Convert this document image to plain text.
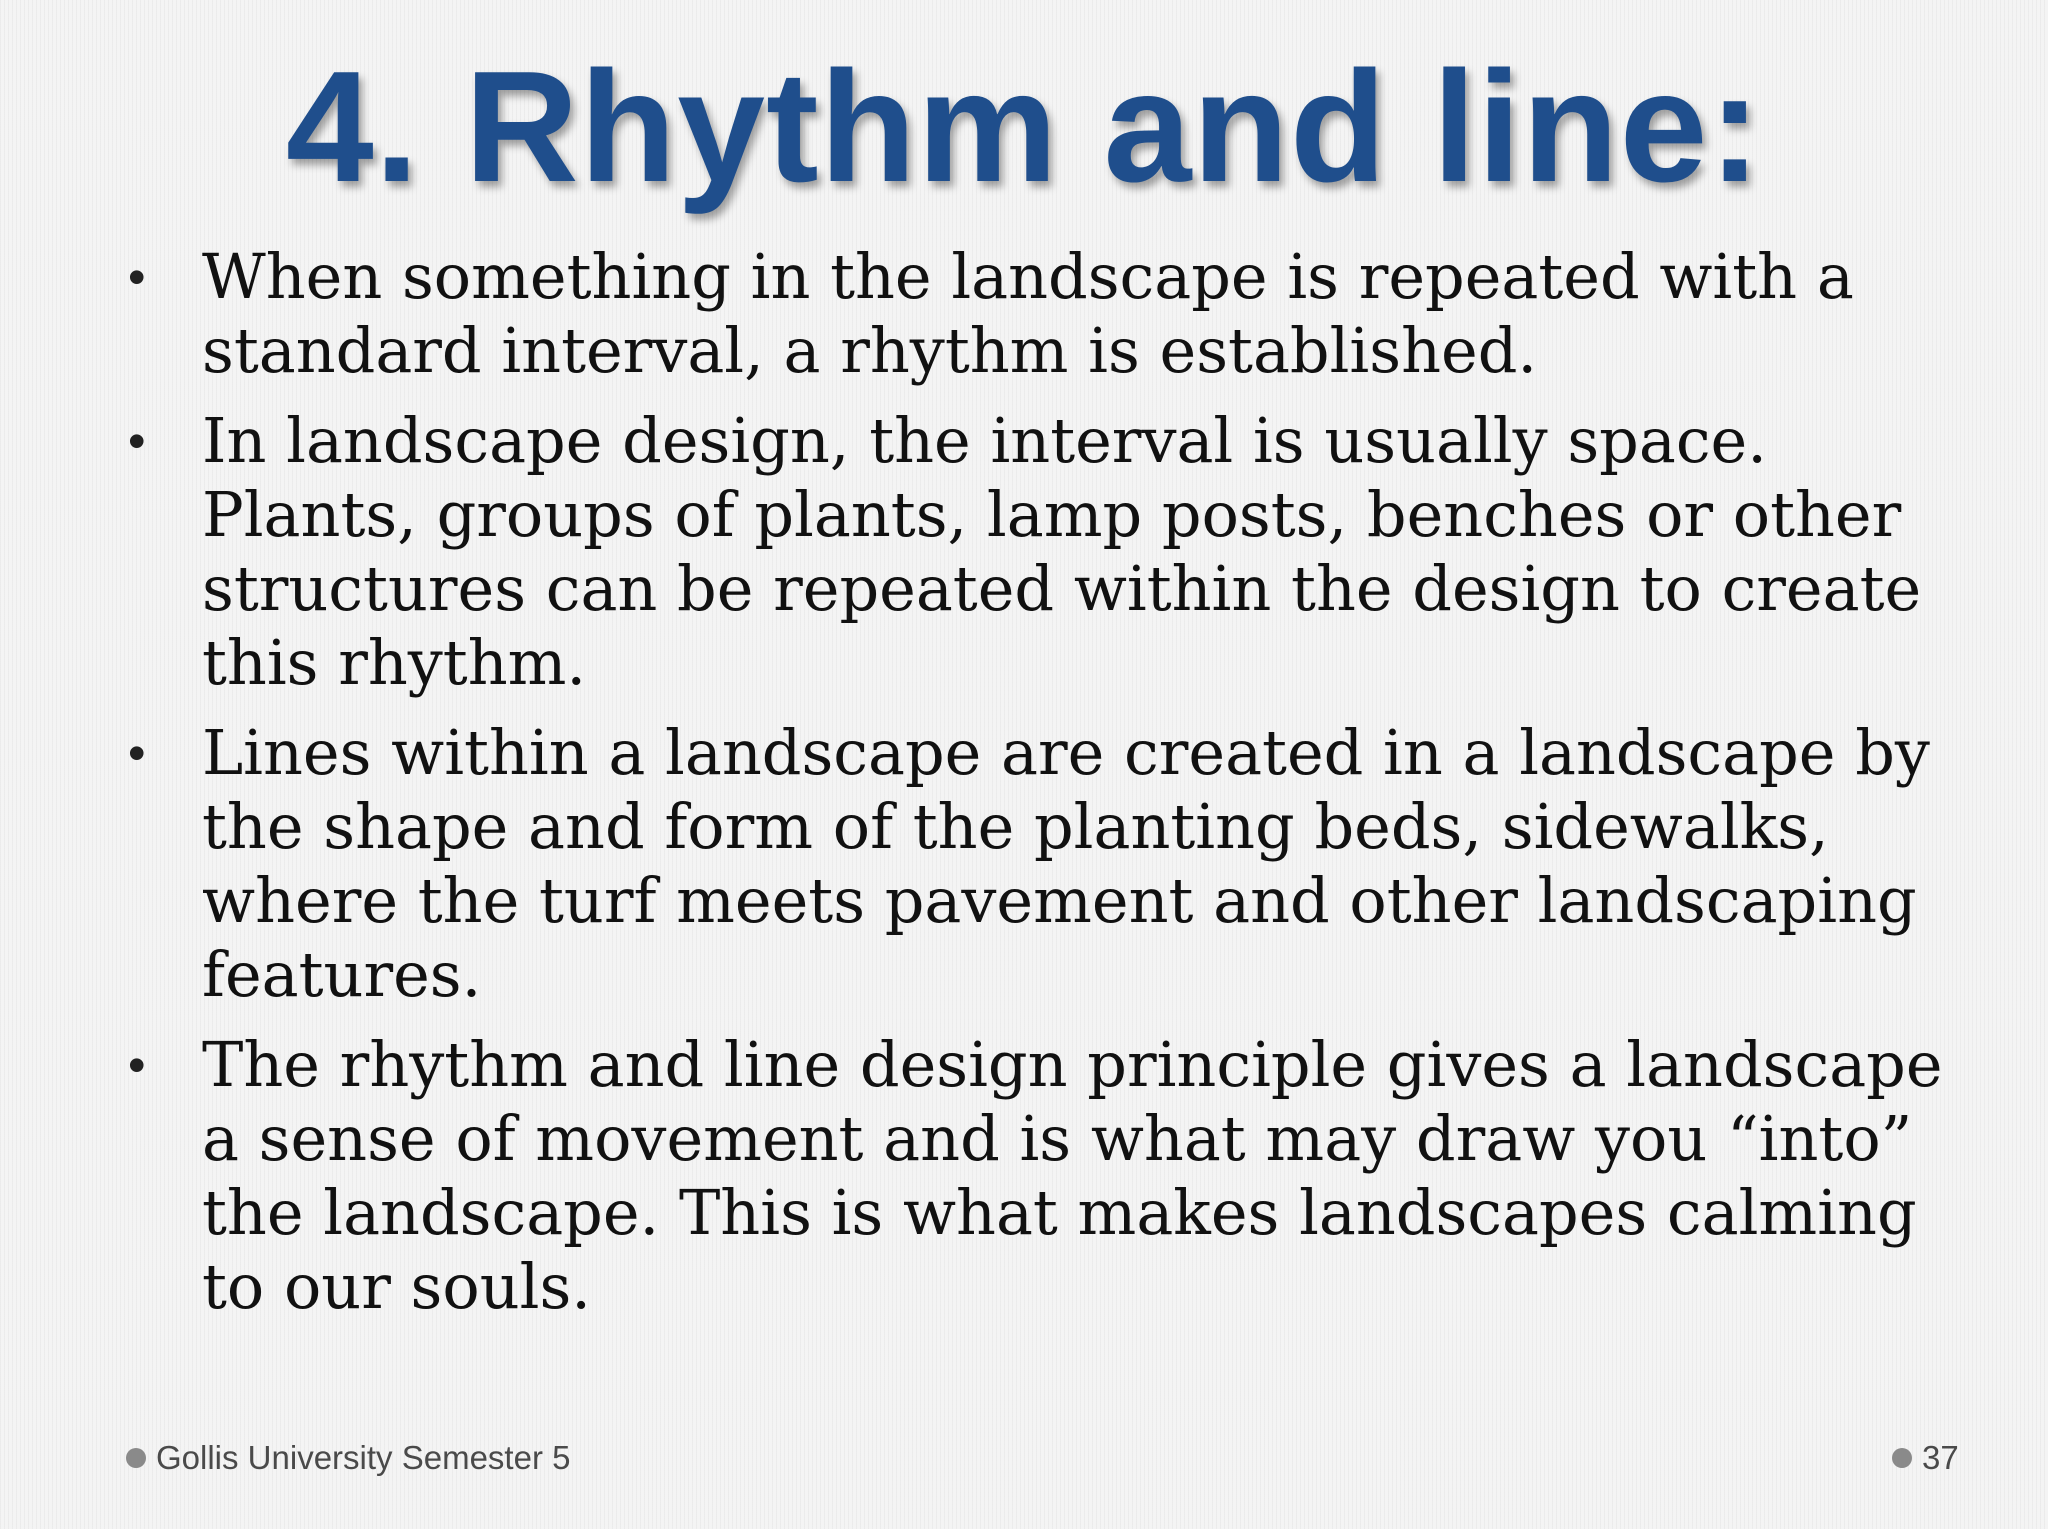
4. Rhythm and line:
• When something in the landscape is repeated with a standard interval, a rhythm is established.
• In landscape design, the interval is usually space. Plants, groups of plants, lamp posts, benches or other structures can be repeated within the design to create this rhythm.
• Lines within a landscape are created in a landscape by the shape and form of the planting beds, sidewalks, where the turf meets pavement and other landscaping features.
• The rhythm and line design principle gives a landscape a sense of movement and is what may draw you “into” the landscape. This is what makes landscapes calming to our souls.
Gollis University Semester 5	37
